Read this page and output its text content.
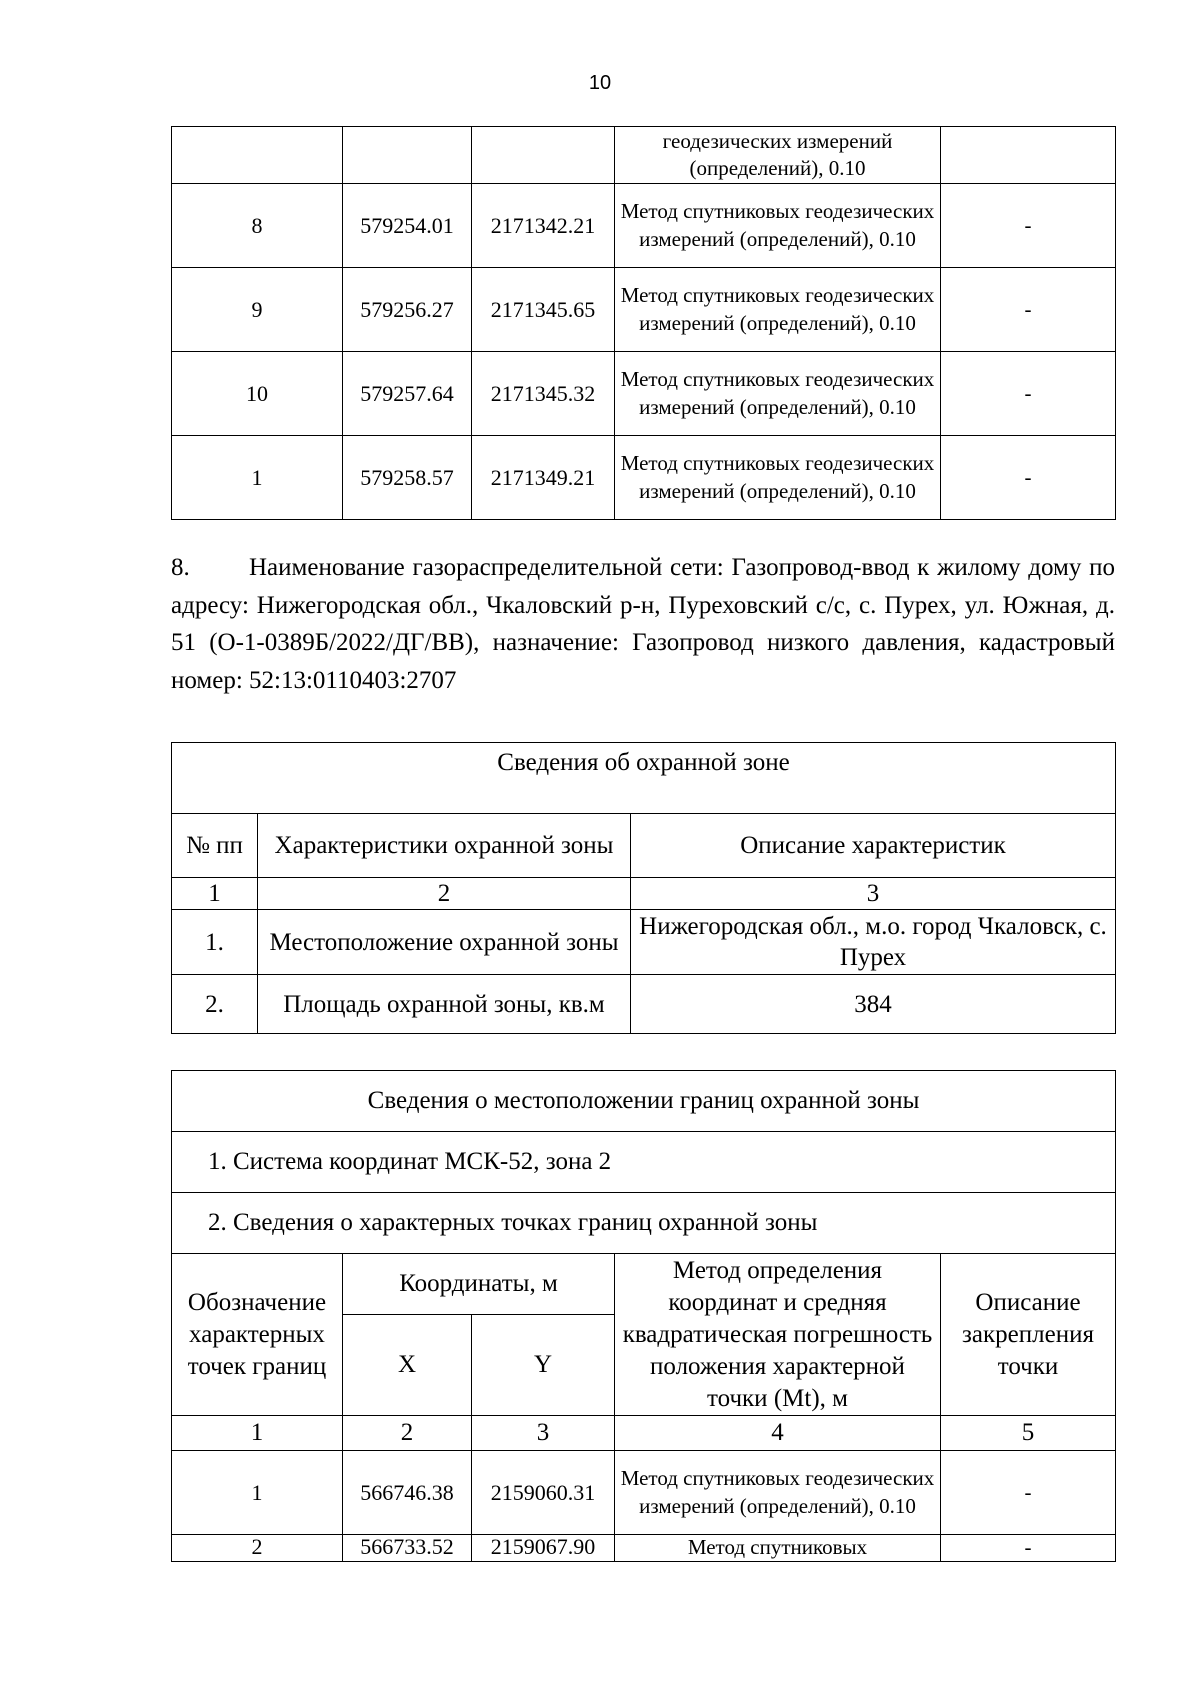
10
			геодезических измерений (определений), 0.10	
8	579254.01	2171342.21	Метод спутниковых геодезических измерений (определений), 0.10	-
9	579256.27	2171345.65	Метод спутниковых геодезических измерений (определений), 0.10	-
10	579257.64	2171345.32	Метод спутниковых геодезических измерений (определений), 0.10	-
1	579258.57	2171349.21	Метод спутниковых геодезических измерений (определений), 0.10	-

8. Наименование газораспределительной сети: Газопровод-ввод к жилому дому по адресу: Нижегородская обл., Чкаловский р-н, Пуреховский с/с, с. Пурех, ул. Южная, д. 51 (О-1-0389Б/2022/ДГ/ВВ), назначение: Газопровод низкого давления, кадастровый номер: 52:13:0110403:2707

Сведения об охранной зоне		
№ пп	Характеристики охранной зоны	Описание характеристик
1	2	3
1.	Местоположение охранной зоны	Нижегородская обл., м.о. город Чкаловск, с. Пурех
2.	Площадь охранной зоны, кв.м	384
Сведения о местоположении границ охранной зоны				
1. Система координат МСК-52, зона 2				
2. Сведения о характерных точках границ охранной зоны				
Обозначение характерных точек границ	Координаты, м		Метод определения координат и средняя квадратическая погрешность положения характерной точки (Mt), м	Описание закрепления точки
	X	Y		
1	2	3	4	5
1	566746.38	2159060.31	Метод спутниковых геодезических измерений (определений), 0.10	-
2	566733.52	2159067.90	Метод спутниковых	-
